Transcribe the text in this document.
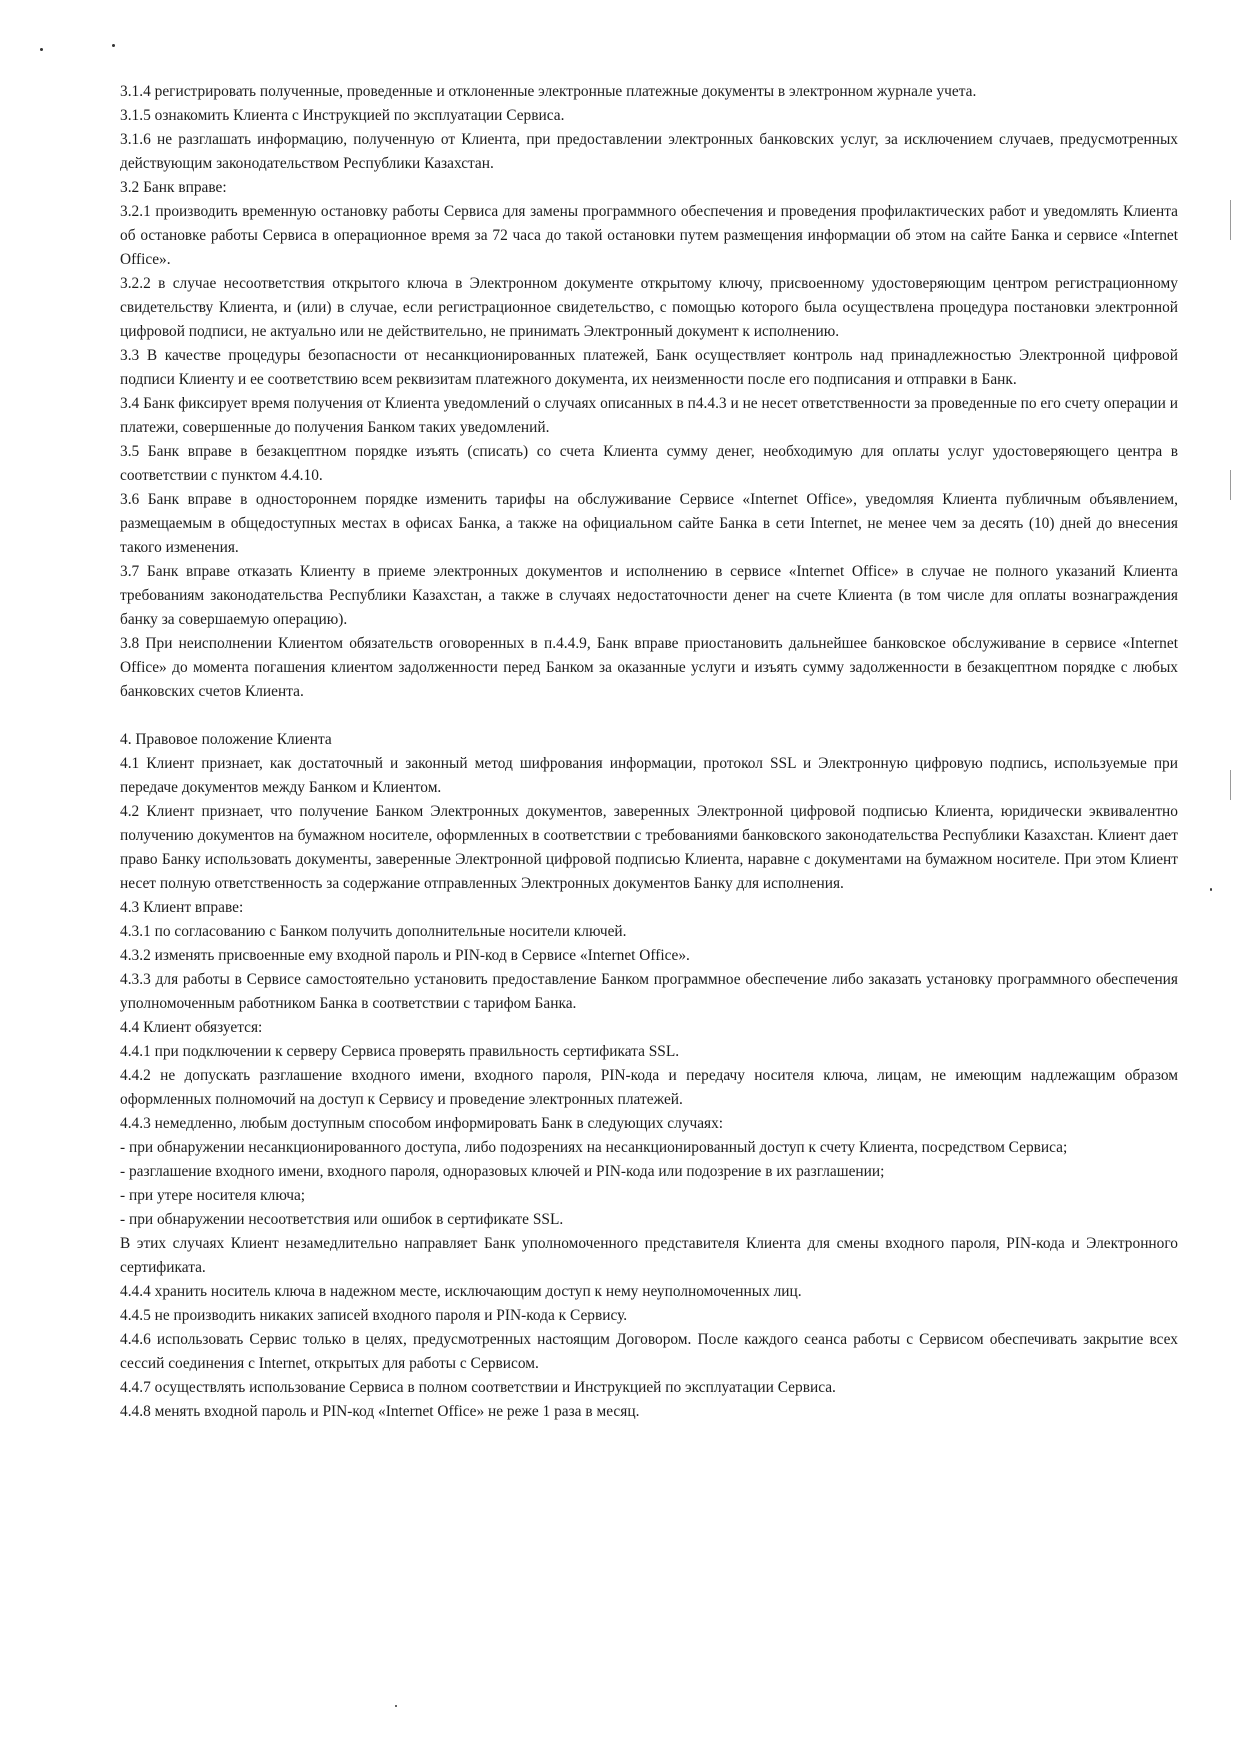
3.1.4 регистрировать полученные, проведенные и отклоненные электронные платежные документы в электронном журнале учета.

3.1.5 ознакомить Клиента с Инструкцией по эксплуатации Сервиса.

3.1.6 не разглашать информацию, полученную от Клиента, при предоставлении электронных банковских услуг, за исключением случаев, предусмотренных действующим законодательством Республики Казахстан.

3.2 Банк вправе:

3.2.1 производить временную остановку работы Сервиса для замены программного обеспечения и проведения профилактических работ и уведомлять Клиента об остановке работы Сервиса в операционное время за 72 часа до такой остановки путем размещения информации об этом на сайте Банка и сервисе «Internet Office».

3.2.2 в случае несоответствия открытого ключа в Электронном документе открытому ключу, присвоенному удостоверяющим центром регистрационному свидетельству Клиента, и (или) в случае, если регистрационное свидетельство, с помощью которого была осуществлена процедура постановки электронной цифровой подписи, не актуально или не действительно, не принимать Электронный документ к исполнению.

3.3 В качестве процедуры безопасности от несанкционированных платежей, Банк осуществляет контроль над принадлежностью Электронной цифровой подписи Клиенту и ее соответствию всем реквизитам платежного документа, их неизменности после его подписания и отправки в Банк.

3.4 Банк фиксирует время получения от Клиента уведомлений о случаях описанных в п4.4.3 и не несет ответственности за проведенные по его счету операции и платежи, совершенные до получения Банком таких уведомлений.

3.5 Банк вправе в безакцептном порядке изъять (списать) со счета Клиента сумму денег, необходимую для оплаты услуг удостоверяющего центра в соответствии с пунктом 4.4.10.

3.6 Банк вправе в одностороннем порядке изменить тарифы на обслуживание Сервисе «Internet Office», уведомляя Клиента публичным объявлением, размещаемым в общедоступных местах в офисах Банка, а также на официальном сайте Банка в сети Internet, не менее чем за десять (10) дней до внесения такого изменения.

3.7 Банк вправе отказать Клиенту в приеме электронных документов и исполнению в сервисе «Internet Office» в случае не полного указаний Клиента требованиям законодательства Республики Казахстан, а также в случаях недостаточности денег на счете Клиента (в том числе для оплаты вознаграждения банку за совершаемую операцию).

3.8 При неисполнении Клиентом обязательств оговоренных в п.4.4.9, Банк вправе приостановить дальнейшее банковское обслуживание в сервисе «Internet Office» до момента погашения клиентом задолженности перед Банком за оказанные услуги и изъять сумму задолженности в безакцептном порядке с любых банковских счетов Клиента.

4. Правовое положение Клиента

4.1 Клиент признает, как достаточный и законный метод шифрования информации, протокол SSL и Электронную цифровую подпись, используемые при передаче документов между Банком и Клиентом.

4.2 Клиент признает, что получение Банком Электронных документов, заверенных Электронной цифровой подписью Клиента, юридически эквивалентно получению документов на бумажном носителе, оформленных в соответствии с требованиями банковского законодательства Республики Казахстан. Клиент дает право Банку использовать документы, заверенные Электронной цифровой подписью Клиента, наравне с документами на бумажном носителе. При этом Клиент несет полную ответственность за содержание отправленных Электронных документов Банку для исполнения.

4.3 Клиент вправе:

4.3.1 по согласованию с Банком получить дополнительные носители ключей.

4.3.2 изменять присвоенные ему входной пароль и PIN-код в Сервисе «Internet Office».

4.3.3 для работы в Сервисе самостоятельно установить предоставление Банком программное обеспечение либо заказать установку программного обеспечения уполномоченным работником Банка в соответствии с тарифом Банка.

4.4 Клиент обязуется:

4.4.1 при подключении к серверу Сервиса проверять правильность сертификата SSL.

4.4.2 не допускать разглашение входного имени, входного пароля, PIN-кода и передачу носителя ключа, лицам, не имеющим надлежащим образом оформленных полномочий на доступ к Сервису и проведение электронных платежей.

4.4.3 немедленно, любым доступным способом информировать Банк в следующих случаях:

- при обнаружении несанкционированного доступа, либо подозрениях на несанкционированный доступ к счету Клиента, посредством Сервиса;

- разглашение входного имени, входного пароля, одноразовых ключей и PIN-кода или подозрение в их разглашении;

- при утере носителя ключа;

- при обнаружении несоответствия или ошибок в сертификате SSL.

В этих случаях Клиент незамедлительно направляет Банк уполномоченного представителя Клиента для смены входного пароля, PIN-кода и Электронного сертификата.

4.4.4 хранить носитель ключа в надежном месте, исключающим доступ к нему неуполномоченных лиц.

4.4.5 не производить никаких записей входного пароля и PIN-кода к Сервису.

4.4.6 использовать Сервис только в целях, предусмотренных настоящим Договором. После каждого сеанса работы с Сервисом обеспечивать закрытие всех сессий соединения с Internet, открытых для работы с Сервисом.

4.4.7 осуществлять использование Сервиса в полном соответствии и Инструкцией по эксплуатации Сервиса.

4.4.8 менять входной пароль и PIN-код «Internet Office» не реже 1 раза в месяц.
